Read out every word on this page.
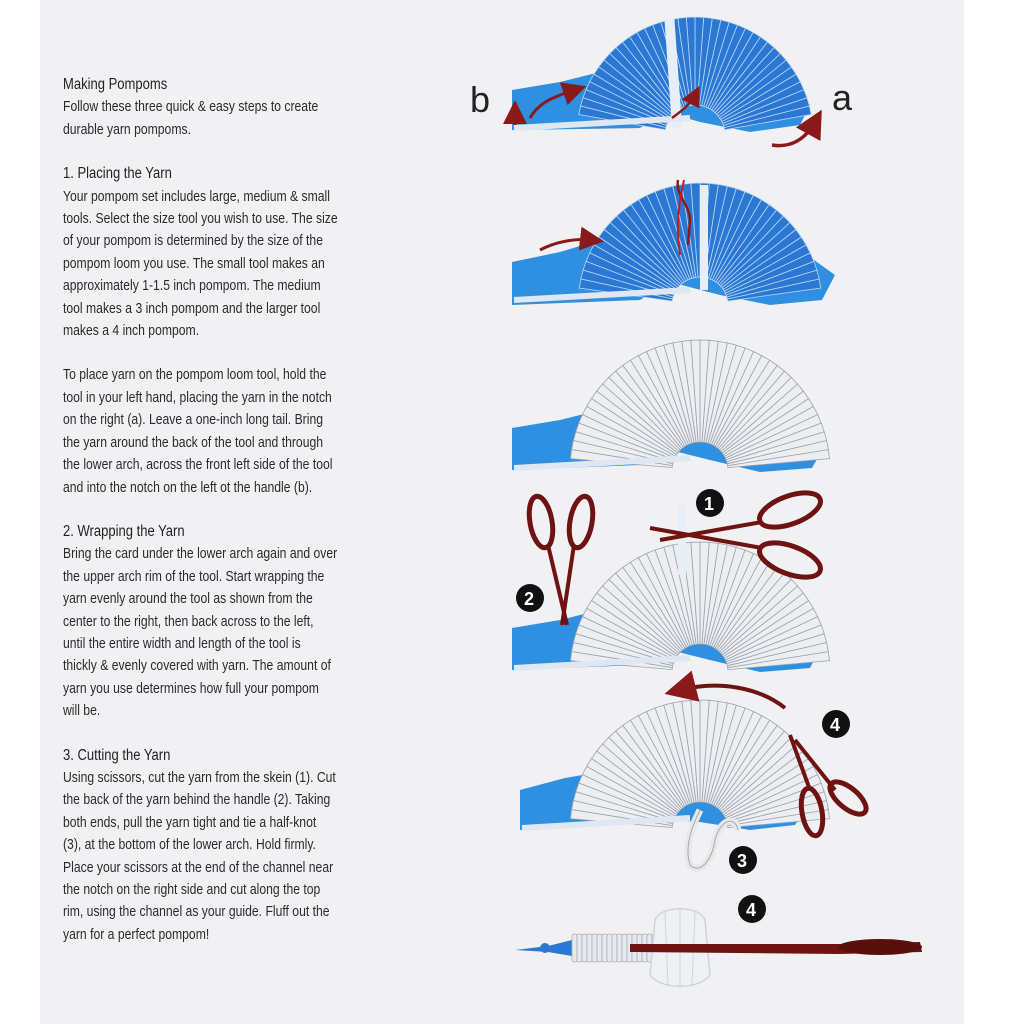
Making Pompoms
Follow these three quick & easy steps to create
durable yarn pompoms.
1. Placing the Yarn
Your pompom set includes large, medium & small
tools. Select the size tool you wish to use. The size
of your pompom is determined by the size of the
pompom loom you use. The small tool makes an
approximately 1-1.5 inch pompom. The medium
tool makes a 3 inch pompom and the larger tool
makes a 4 inch pompom.
To place yarn on the pompom loom tool, hold the
tool in your left hand, placing the yarn in the notch
on the right (a). Leave a one-inch long tail. Bring
the yarn around the back of the tool and through
the lower arch, across the front left side of the tool
and into the notch on the left ot the handle (b).
2. Wrapping the Yarn
Bring the card under the lower arch again and over
the upper arch rim of the tool. Start wrapping the
yarn evenly around the tool as shown from the
center to the right, then back across to the left,
until the entire width and length of the tool is
thickly & evenly covered with yarn. The amount of
yarn you use determines how full your pompom
will be.
3. Cutting the Yarn
Using scissors, cut the yarn from the skein (1). Cut
the back of the yarn behind the handle (2). Taking
both ends, pull the yarn tight and tie a half-knot
(3), at the bottom of the lower arch. Hold firmly.
Place your scissors at the end of the channel near
the notch on the right side and cut along the top
rim, using the channel as your guide. Fluff out the
yarn for a perfect pompom!
b	a
1
2
4
3
4
